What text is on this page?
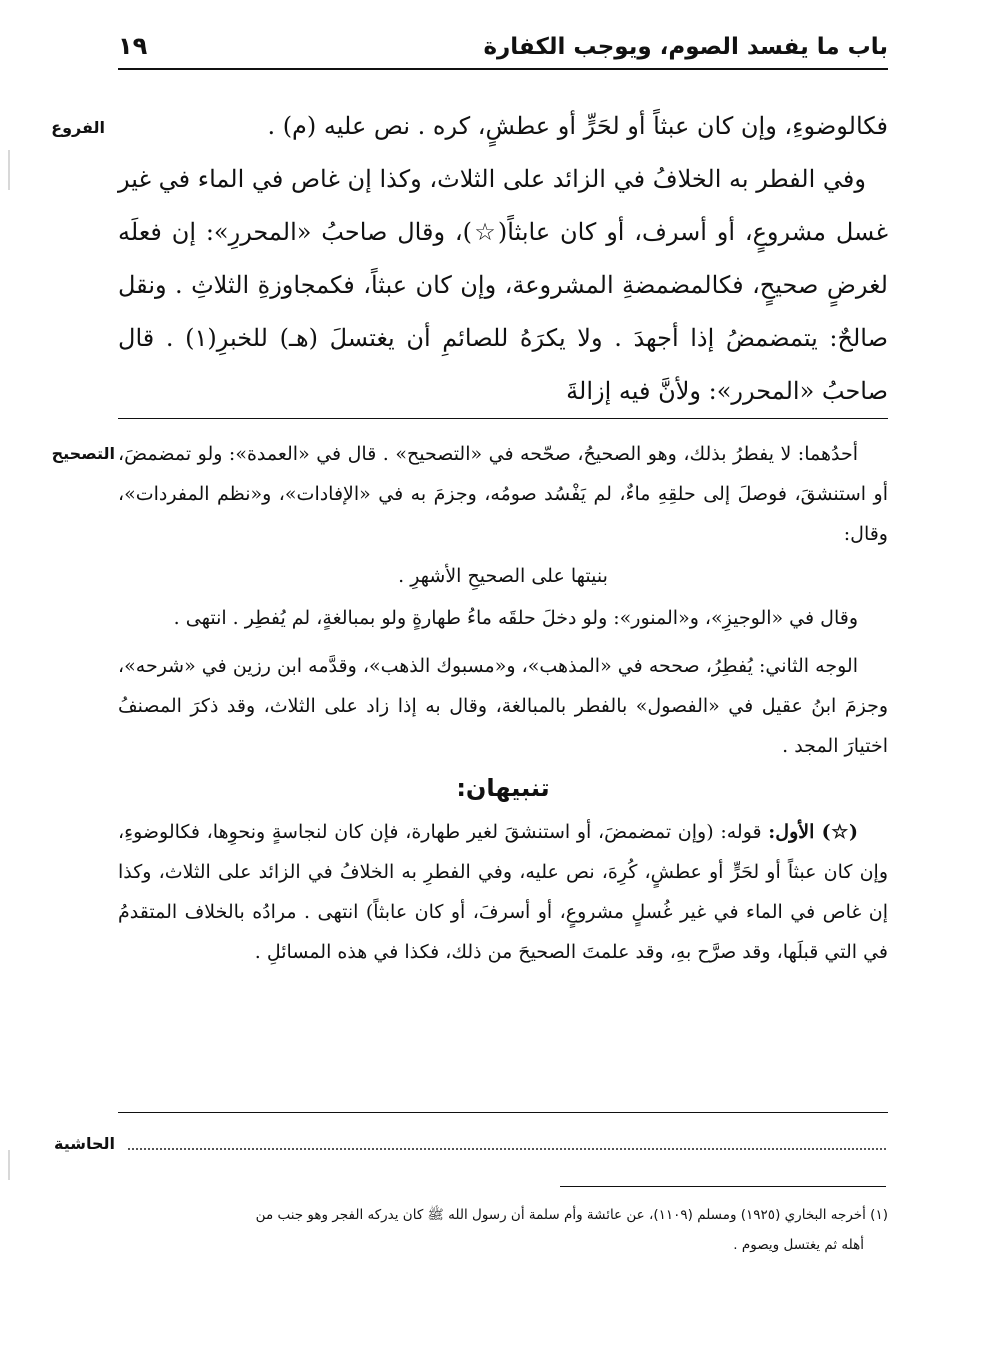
باب ما يفسد الصوم، ويوجب الكفارة
١٩
الفروع
التصحيح
الحاشية

فكالوضوءِ، وإن كان عبثاً أو لحَرٍّ أو عطشٍ، كره . نص عليه (م) .

وفي الفطر به الخلافُ في الزائد على الثلاث، وكذا إن غاص في الماء في غير غسل مشروعٍ، أو أسرف، أو كان عابثاً(☆)، وقال صاحبُ «المحررِ»: إن فعلَه لغرضٍ صحيحٍ، فكالمضمضةِ المشروعة، وإن كان عبثاً، فكمجاوزةِ الثلاثِ . ونقل صالحٌ: يتمضمضُ إذا أجهدَ . ولا يكرَهُ للصائمِ أن يغتسلَ (هـ) للخبرِ(١) . قال صاحبُ «المحرر»: ولأنَّ فيه إزالةَ

أحدُهما: لا يفطرُ بذلك، وهو الصحيحُ، صحّحه في «التصحيح» . قال في «العمدة»: ولو تمضمضَ، أو استنشقَ، فوصلَ إلى حلقِهِ ماءٌ، لم يَفْسُد صومُه، وجزمَ به في «الإفادات»، و«نظم المفردات»، وقال:

بنيتها على الصحيحِ الأشهرِ .

وقال في «الوجيزِ»، و«المنور»: ولو دخلَ حلقَه ماءُ طهارةٍ ولو بمبالغةٍ، لم يُفطِر . انتهى .

الوجه الثاني: يُفطِرُ، صححه في «المذهب»، و«مسبوك الذهب»، وقدَّمه ابن رزين في «شرحه»، وجزمَ ابنُ عقيل في «الفصول» بالفطر بالمبالغة، وقال به إذا زاد على الثلاث، وقد ذكرَ المصنفُ اختيارَ المجد .

تنبيهان:

(☆) الأول: قوله: (وإن تمضمضَ، أو استنشقَ لغير طهارة، فإن كان لنجاسةٍ ونحوِها، فكالوضوءِ، وإن كان عبثاً أو لحَرٍّ أو عطشٍ، كُرِهَ، نص عليه، وفي الفطرِ به الخلافُ في الزائد على الثلاث، وكذا إن غاص في الماء في غير غُسلٍ مشروعٍ، أو أسرفَ، أو كان عابثاً) انتهى . مرادُه بالخلاف المتقدمُ في التي قبلَها، وقد صرَّح بهِ، وقد علمتَ الصحيحَ من ذلك، فكذا في هذه المسائلِ .

(١) أخرجه البخاري (١٩٢٥) ومسلم (١١٠٩)، عن عائشة وأم سلمة أن رسول الله ﷺ كان يدركه الفجر وهو جنب من

أهله ثم يغتسل ويصوم .
